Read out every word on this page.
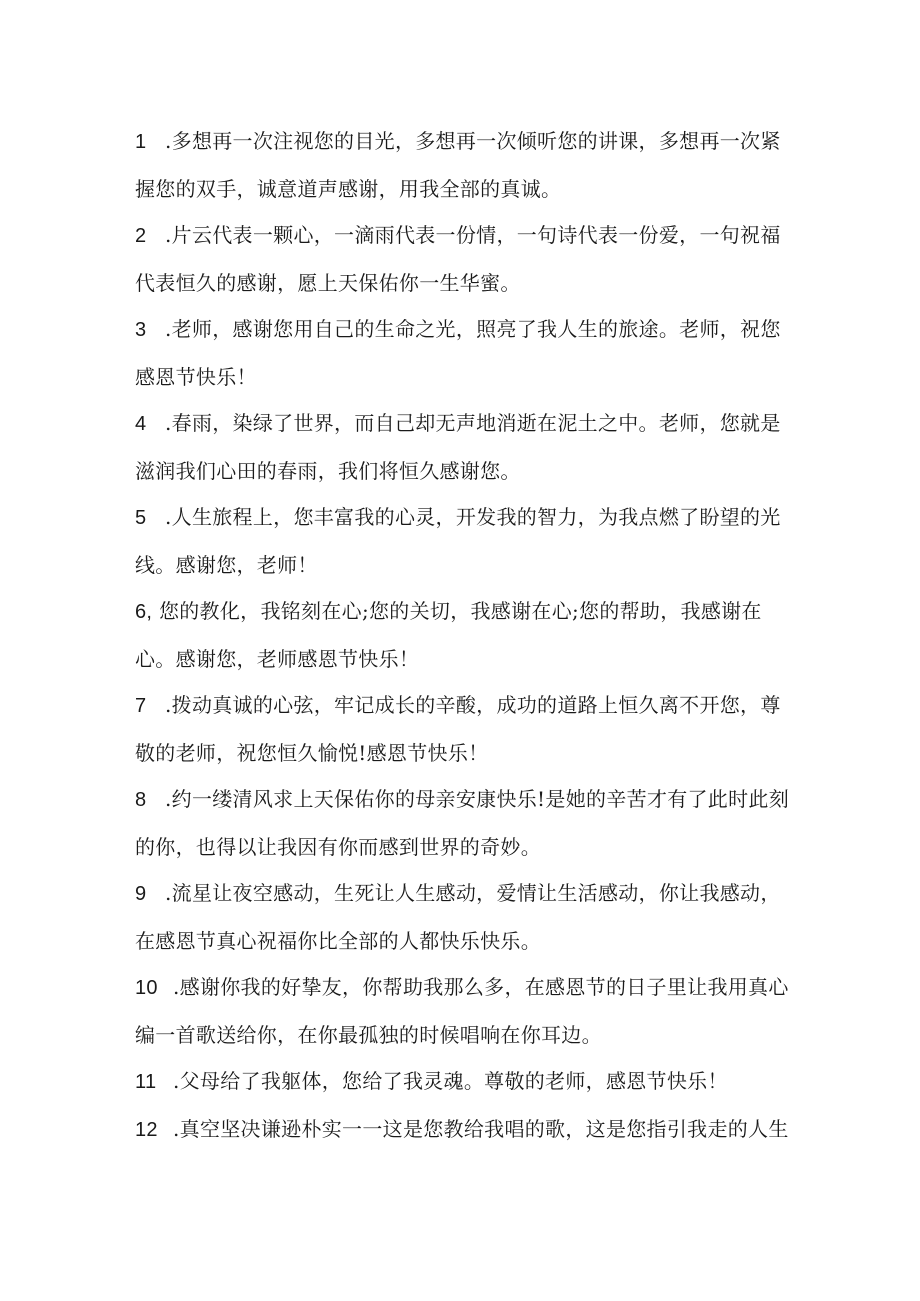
1 .多想再一次注视您的目光，多想再一次倾听您的讲课，多想再一次紧握您的双手，诚意道声感谢，用我全部的真诚。

2 .片云代表一颗心，一滴雨代表一份情，一句诗代表一份爱，一句祝福代表恒久的感谢，愿上天保佑你一生华蜜。

3 .老师，感谢您用自己的生命之光，照亮了我人生的旅途。老师，祝您感恩节快乐！

4 .春雨，染绿了世界，而自己却无声地消逝在泥土之中。老师，您就是滋润我们心田的春雨，我们将恒久感谢您。

5 .人生旅程上，您丰富我的心灵，开发我的智力，为我点燃了盼望的光线。感谢您，老师！

6, 您的教化，我铭刻在心;您的关切，我感谢在心;您的帮助，我感谢在心。感谢您，老师感恩节快乐！

7 .拨动真诚的心弦，牢记成长的辛酸，成功的道路上恒久离不开您，尊敬的老师，祝您恒久愉悦!感恩节快乐！

8 .约一缕清风求上天保佑你的母亲安康快乐!是她的辛苦才有了此时此刻的你，也得以让我因有你而感到世界的奇妙。

9 .流星让夜空感动，生死让人生感动，爱情让生活感动，你让我感动，在感恩节真心祝福你比全部的人都快乐快乐。

10 .感谢你我的好挚友，你帮助我那么多，在感恩节的日子里让我用真心编一首歌送给你，在你最孤独的时候唱响在你耳边。

11 .父母给了我躯体，您给了我灵魂。尊敬的老师，感恩节快乐！

12 .真空坚决谦逊朴实一一这是您教给我唱的歌，这是您指引我走的人生
